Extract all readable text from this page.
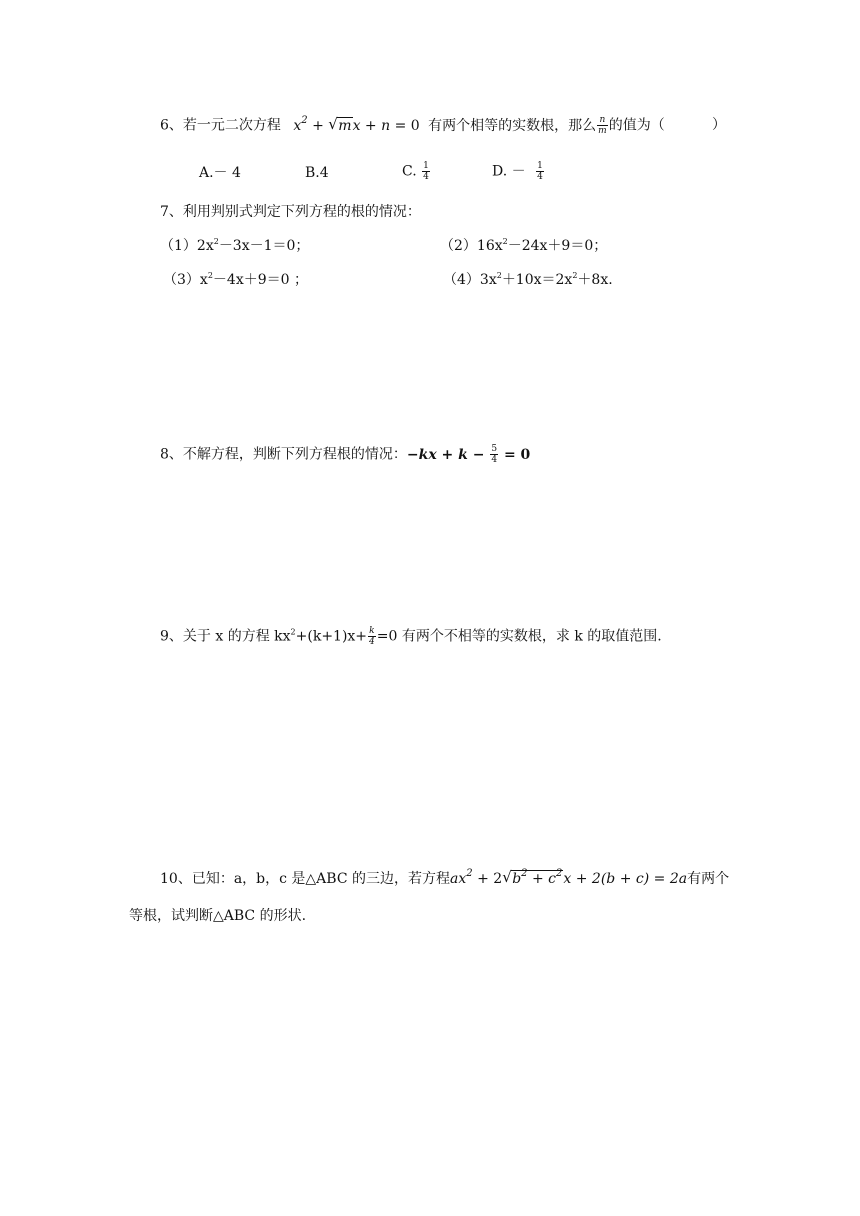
6、若一元二次方程 $x^2$ + √ mx + n = 0 有两个相等的实数根，那么 $\frac{n}{m}$ 的值为（	）
A.－ 4	B.4	C. $\frac{1}{4}$	D. － $\frac{1}{4}$
7、利用判别式判定下列方程的根的情况：
$(1)2x^2-3x-1=0$；	$(2)16x^2-24x+9=0$；
$(3)x^2-4x+9=0$ ；	$(4)3x^2+10x=2x^2+8x$.
8、不解方程，判断下列方程根的情况：$-kx + k - \frac{5}{4} = 0$
9、关于 x 的方程 $kx^2+(k+1)x+ \frac{k}{4} =0$ 有两个不相等的实数根，求 k 的取值范围.
10、已知：a，b，c 是△ABC 的三边，若方程$ax^2 + 2$ √ $b^2 + c^2x + 2(b + c) = 2a$有两个
等根，试判断△ABC 的形状.
